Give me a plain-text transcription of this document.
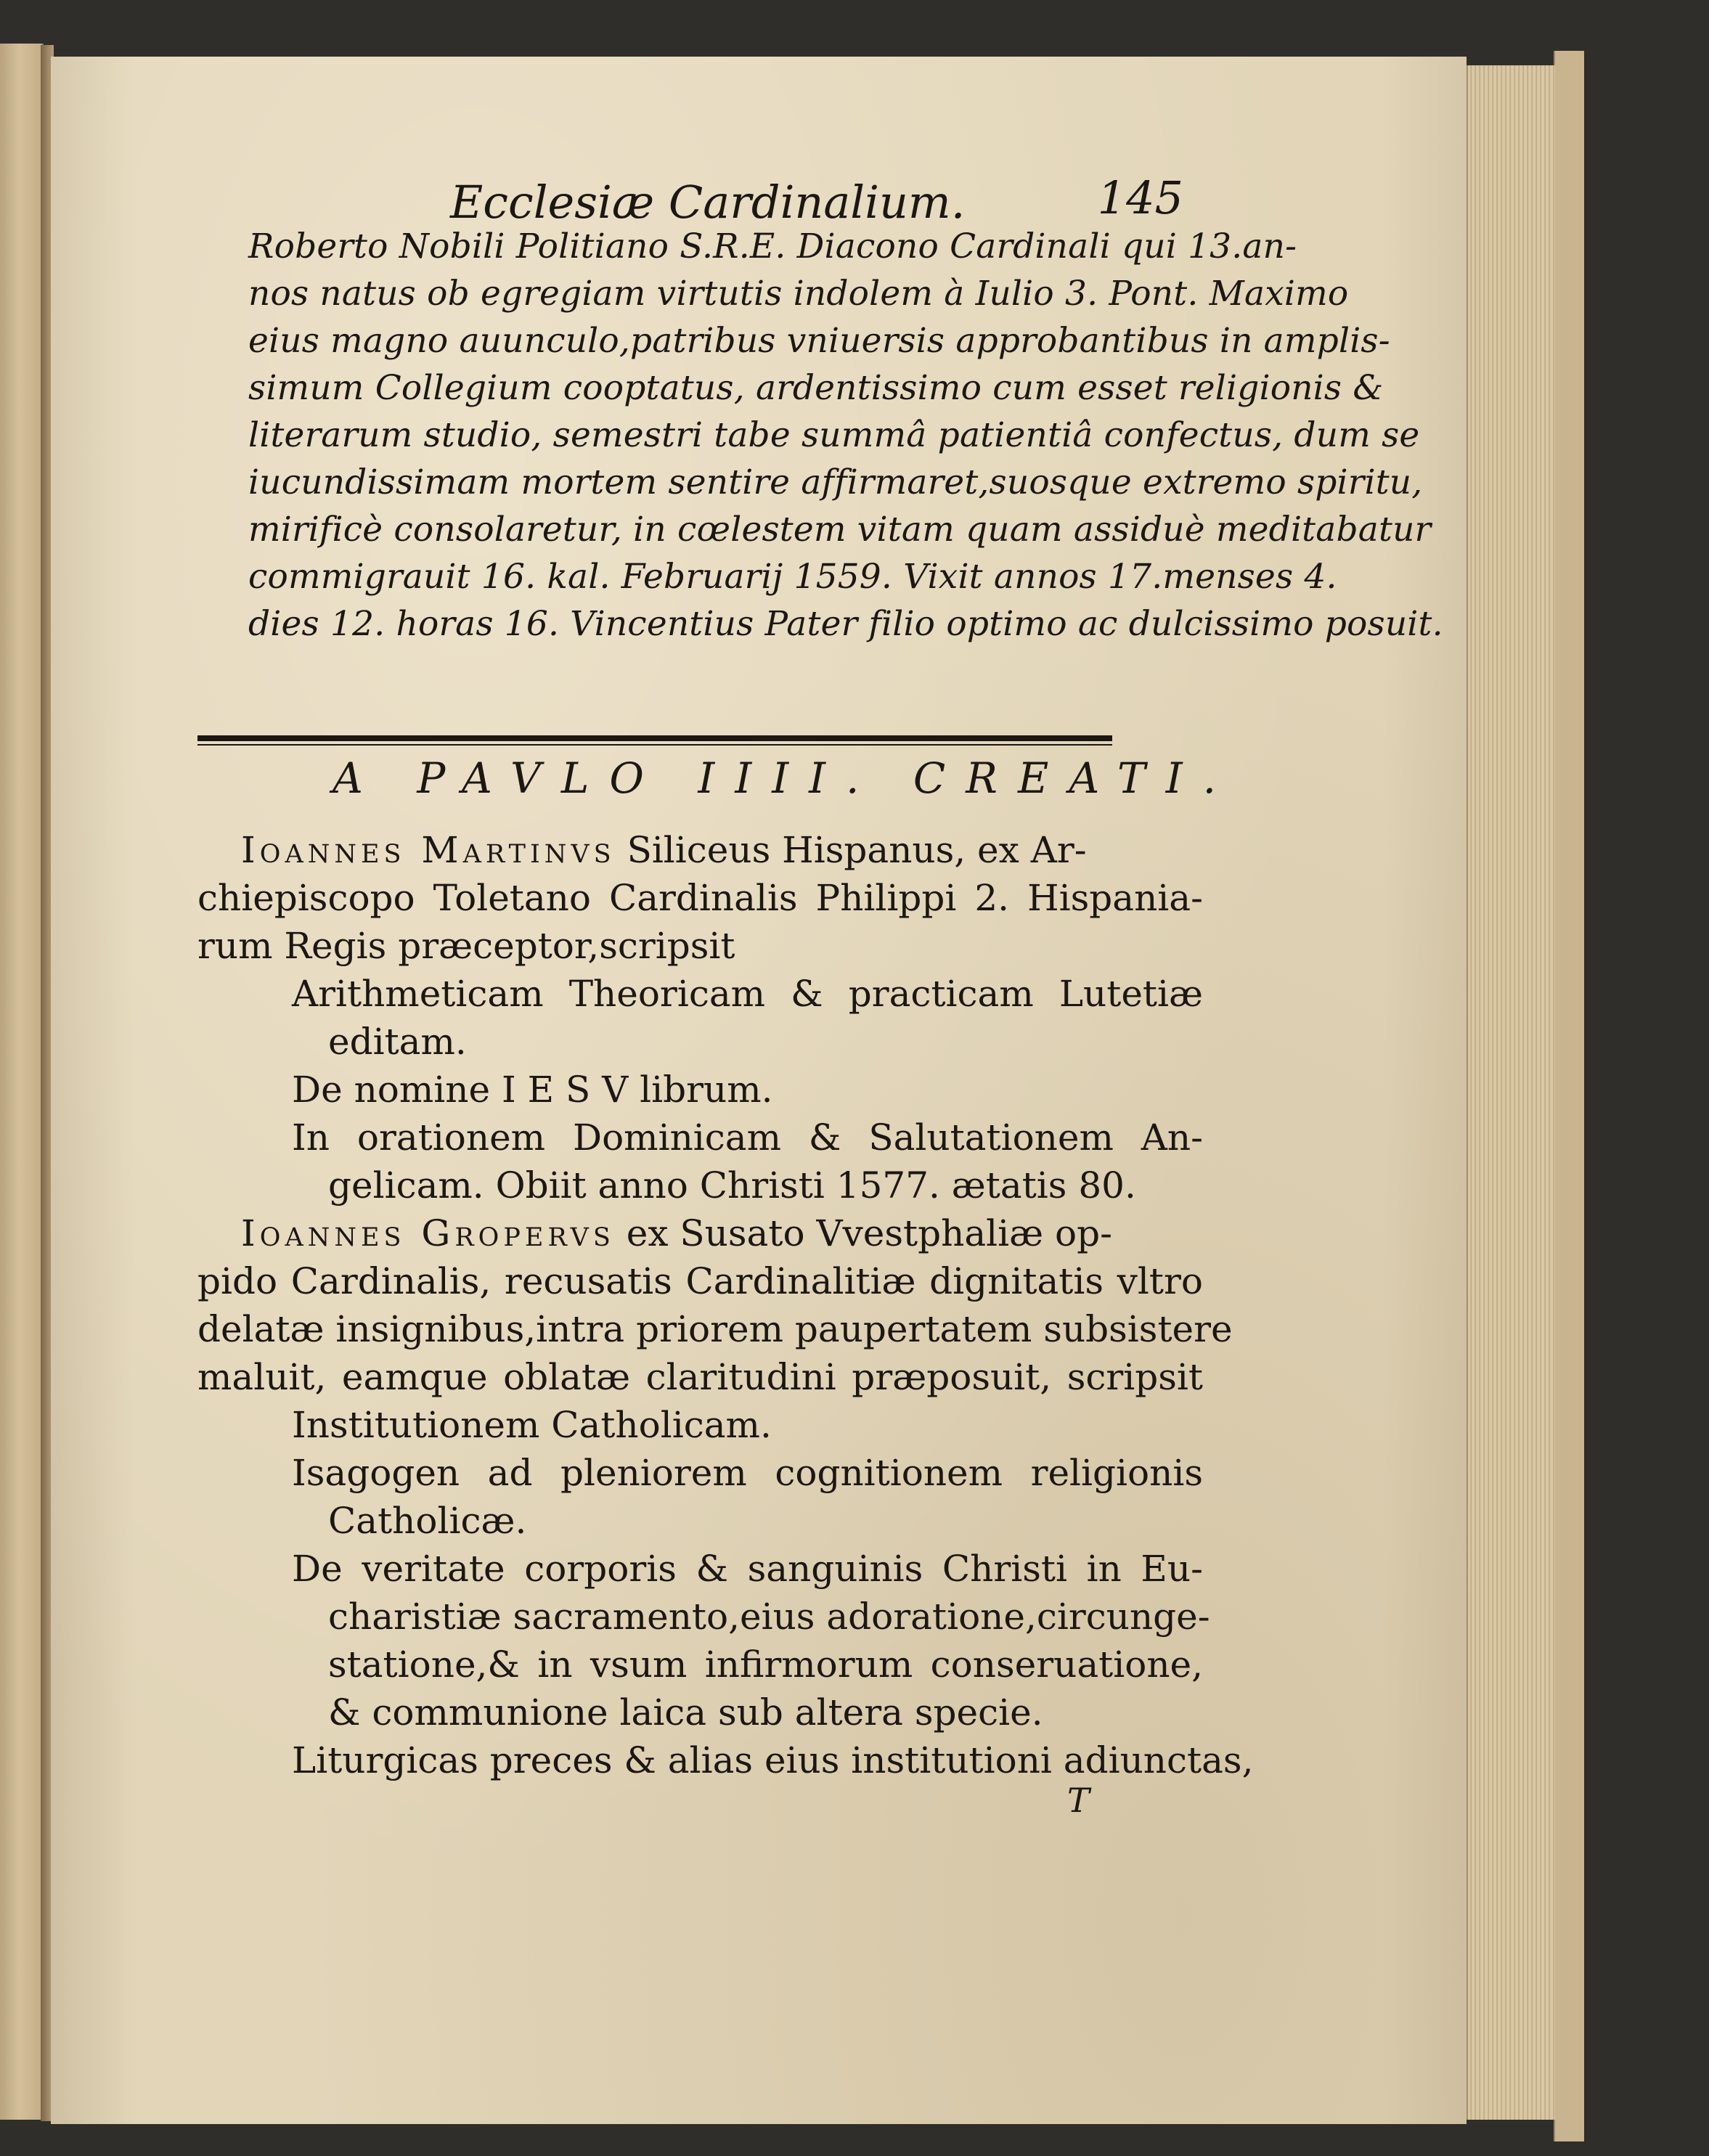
Ecclesiæ Cardinalium.	145
Roberto Nobili Politiano S.R.E. Diacono Cardinali qui 13.an-
nos natus ob egregiam virtutis indolem à Iulio 3. Pont. Maximo
eius magno auunculo,patribus vniuersis approbantibus in amplis-
simum Collegium cooptatus, ardentissimo cum esset religionis &
literarum studio, semestri tabe summâ patientiâ confectus, dum se
iucundissimam mortem sentire affirmaret,suosque extremo spiritu,
mirificè consolaretur, in cœlestem vitam quam assiduè meditabatur
commigrauit 16. kal. Februarij 1559. Vixit annos 17.menses 4.
dies 12. horas 16. Vincentius Pater filio optimo ac dulcissimo posuit.
A PAVLO IIII. CREATI.
Ioannes Martinvs Siliceus Hispanus, ex Ar-
chiepiscopo Toletano Cardinalis Philippi 2. Hispania-
rum Regis præceptor,scripsit
Arithmeticam Theoricam & practicam Lutetiæ
editam.
De nomine I E S V librum.
In orationem Dominicam & Salutationem An-
gelicam. Obiit anno Christi 1577. ætatis 80.
Ioannes Gropervs ex Susato Vvestphaliæ op-
pido Cardinalis, recusatis Cardinalitiæ dignitatis vltro
delatæ insignibus,intra priorem paupertatem subsistere
maluit, eamque oblatæ claritudini præposuit, scripsit
Institutionem Catholicam.
Isagogen ad pleniorem cognitionem religionis
Catholicæ.
De veritate corporis & sanguinis Christi in Eu-
charistiæ sacramento,eius adoratione,circunge-
statione,& in vsum infirmorum conseruatione,
& communione laica sub altera specie.
Liturgicas preces & alias eius institutioni adiunctas,
T
